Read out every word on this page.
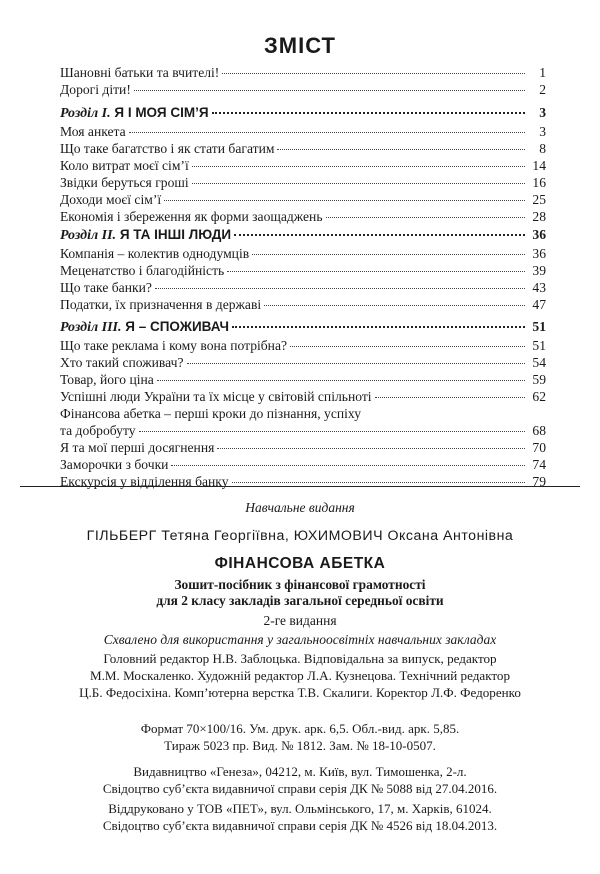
ЗМІСТ
Шановні батьки та вчителі!	1
Дорогі діти!	2
Розділ I. Я І МОЯ СІМ’Я	3
Моя анкета	3
Що таке багатство і як стати багатим	8
Коло витрат моєї сім’ї	14
Звідки беруться гроші	16
Доходи моєї сім’ї	25
Економія і збереження як форми заощаджень	28
Розділ II. Я ТА ІНШІ ЛЮДИ	36
Компанія – колектив однодумців	36
Меценатство і благодійність	39
Що таке банки?	43
Податки, їх призначення в державі	47
Розділ III. Я – СПОЖИВАЧ	51
Що таке реклама і кому вона потрібна?	51
Хто такий споживач?	54
Товар, його ціна	59
Успішні люди України та їх місце у світовій спільноті	62
Фінансова абетка – перші кроки до пізнання, успіху
та добробуту	68
Я та мої перші досягнення	70
Заморочки з бочки	74
Екскурсія у відділення банку	79
Навчальне видання
ГІЛЬБЕРГ Тетяна Георгіївна, ЮХИМОВИЧ Оксана Антонівна
ФІНАНСОВА АБЕТКА
Зошит-посібник з фінансової грамотності
для 2 класу закладів загальної середньої освіти
2-ге видання
Схвалено для використання у загальноосвітніх навчальних закладах
Головний редактор Н.В. Заблоцька. Відповідальна за випуск, редактор
М.М. Москаленко. Художній редактор Л.А. Кузнецова. Технічний редактор
Ц.Б. Федосіхіна. Комп’ютерна верстка Т.В. Скалиги. Коректор Л.Ф. Федоренко
Формат 70×100/16. Ум. друк. арк. 6,5. Обл.-вид. арк. 5,85.
Тираж 5023 пр. Вид. № 1812. Зам. № 18-10-0507.
Видавництво «Генеза», 04212, м. Київ, вул. Тимошенка, 2-л.
Свідоцтво суб’єкта видавничої справи серія ДК № 5088 від 27.04.2016.
Віддруковано у ТОВ «ПЕТ», вул. Ольмінського, 17, м. Харків, 61024.
Свідоцтво суб’єкта видавничої справи серія ДК № 4526 від 18.04.2013.
